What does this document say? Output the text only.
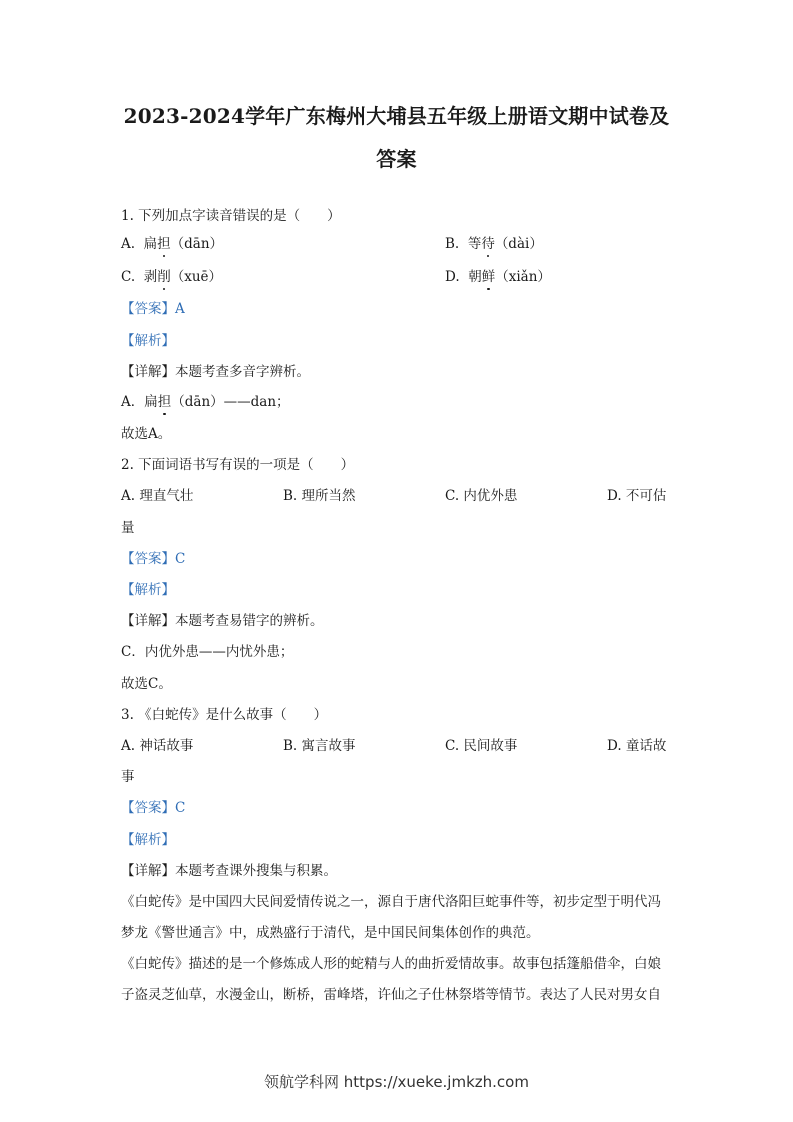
2023-2024学年广东梅州大埔县五年级上册语文期中试卷及
答案
1. 下列加点字读音错误的是（　　）
A. 扁担（dān）	B. 等待（dài）
C. 剥削（xuē）	D. 朝鲜（xiǎn）
【答案】A
【解析】
【详解】本题考查多音字辨析。
A．扁担（dān）——dan；
故选A。
2. 下面词语书写有误的一项是（　　）
A. 理直气壮	B. 理所当然	C. 内优外患	D. 不可估
量
【答案】C
【解析】
【详解】本题考查易错字的辨析。
C．内优外患——内忧外患；
故选C。
3. 《白蛇传》是什么故事（　　）
A. 神话故事	B. 寓言故事	C. 民间故事	D. 童话故
事
【答案】C
【解析】
【详解】本题考查课外搜集与积累。
《白蛇传》是中国四大民间爱情传说之一，源自于唐代洛阳巨蛇事件等，初步定型于明代冯
梦龙《警世通言》中，成熟盛行于清代，是中国民间集体创作的典范。
《白蛇传》描述的是一个修炼成人形的蛇精与人的曲折爱情故事。故事包括篷船借伞，白娘
子盗灵芝仙草，水漫金山，断桥，雷峰塔，许仙之子仕林祭塔等情节。表达了人民对男女自
领航学科网 https://xueke.jmkzh.com
